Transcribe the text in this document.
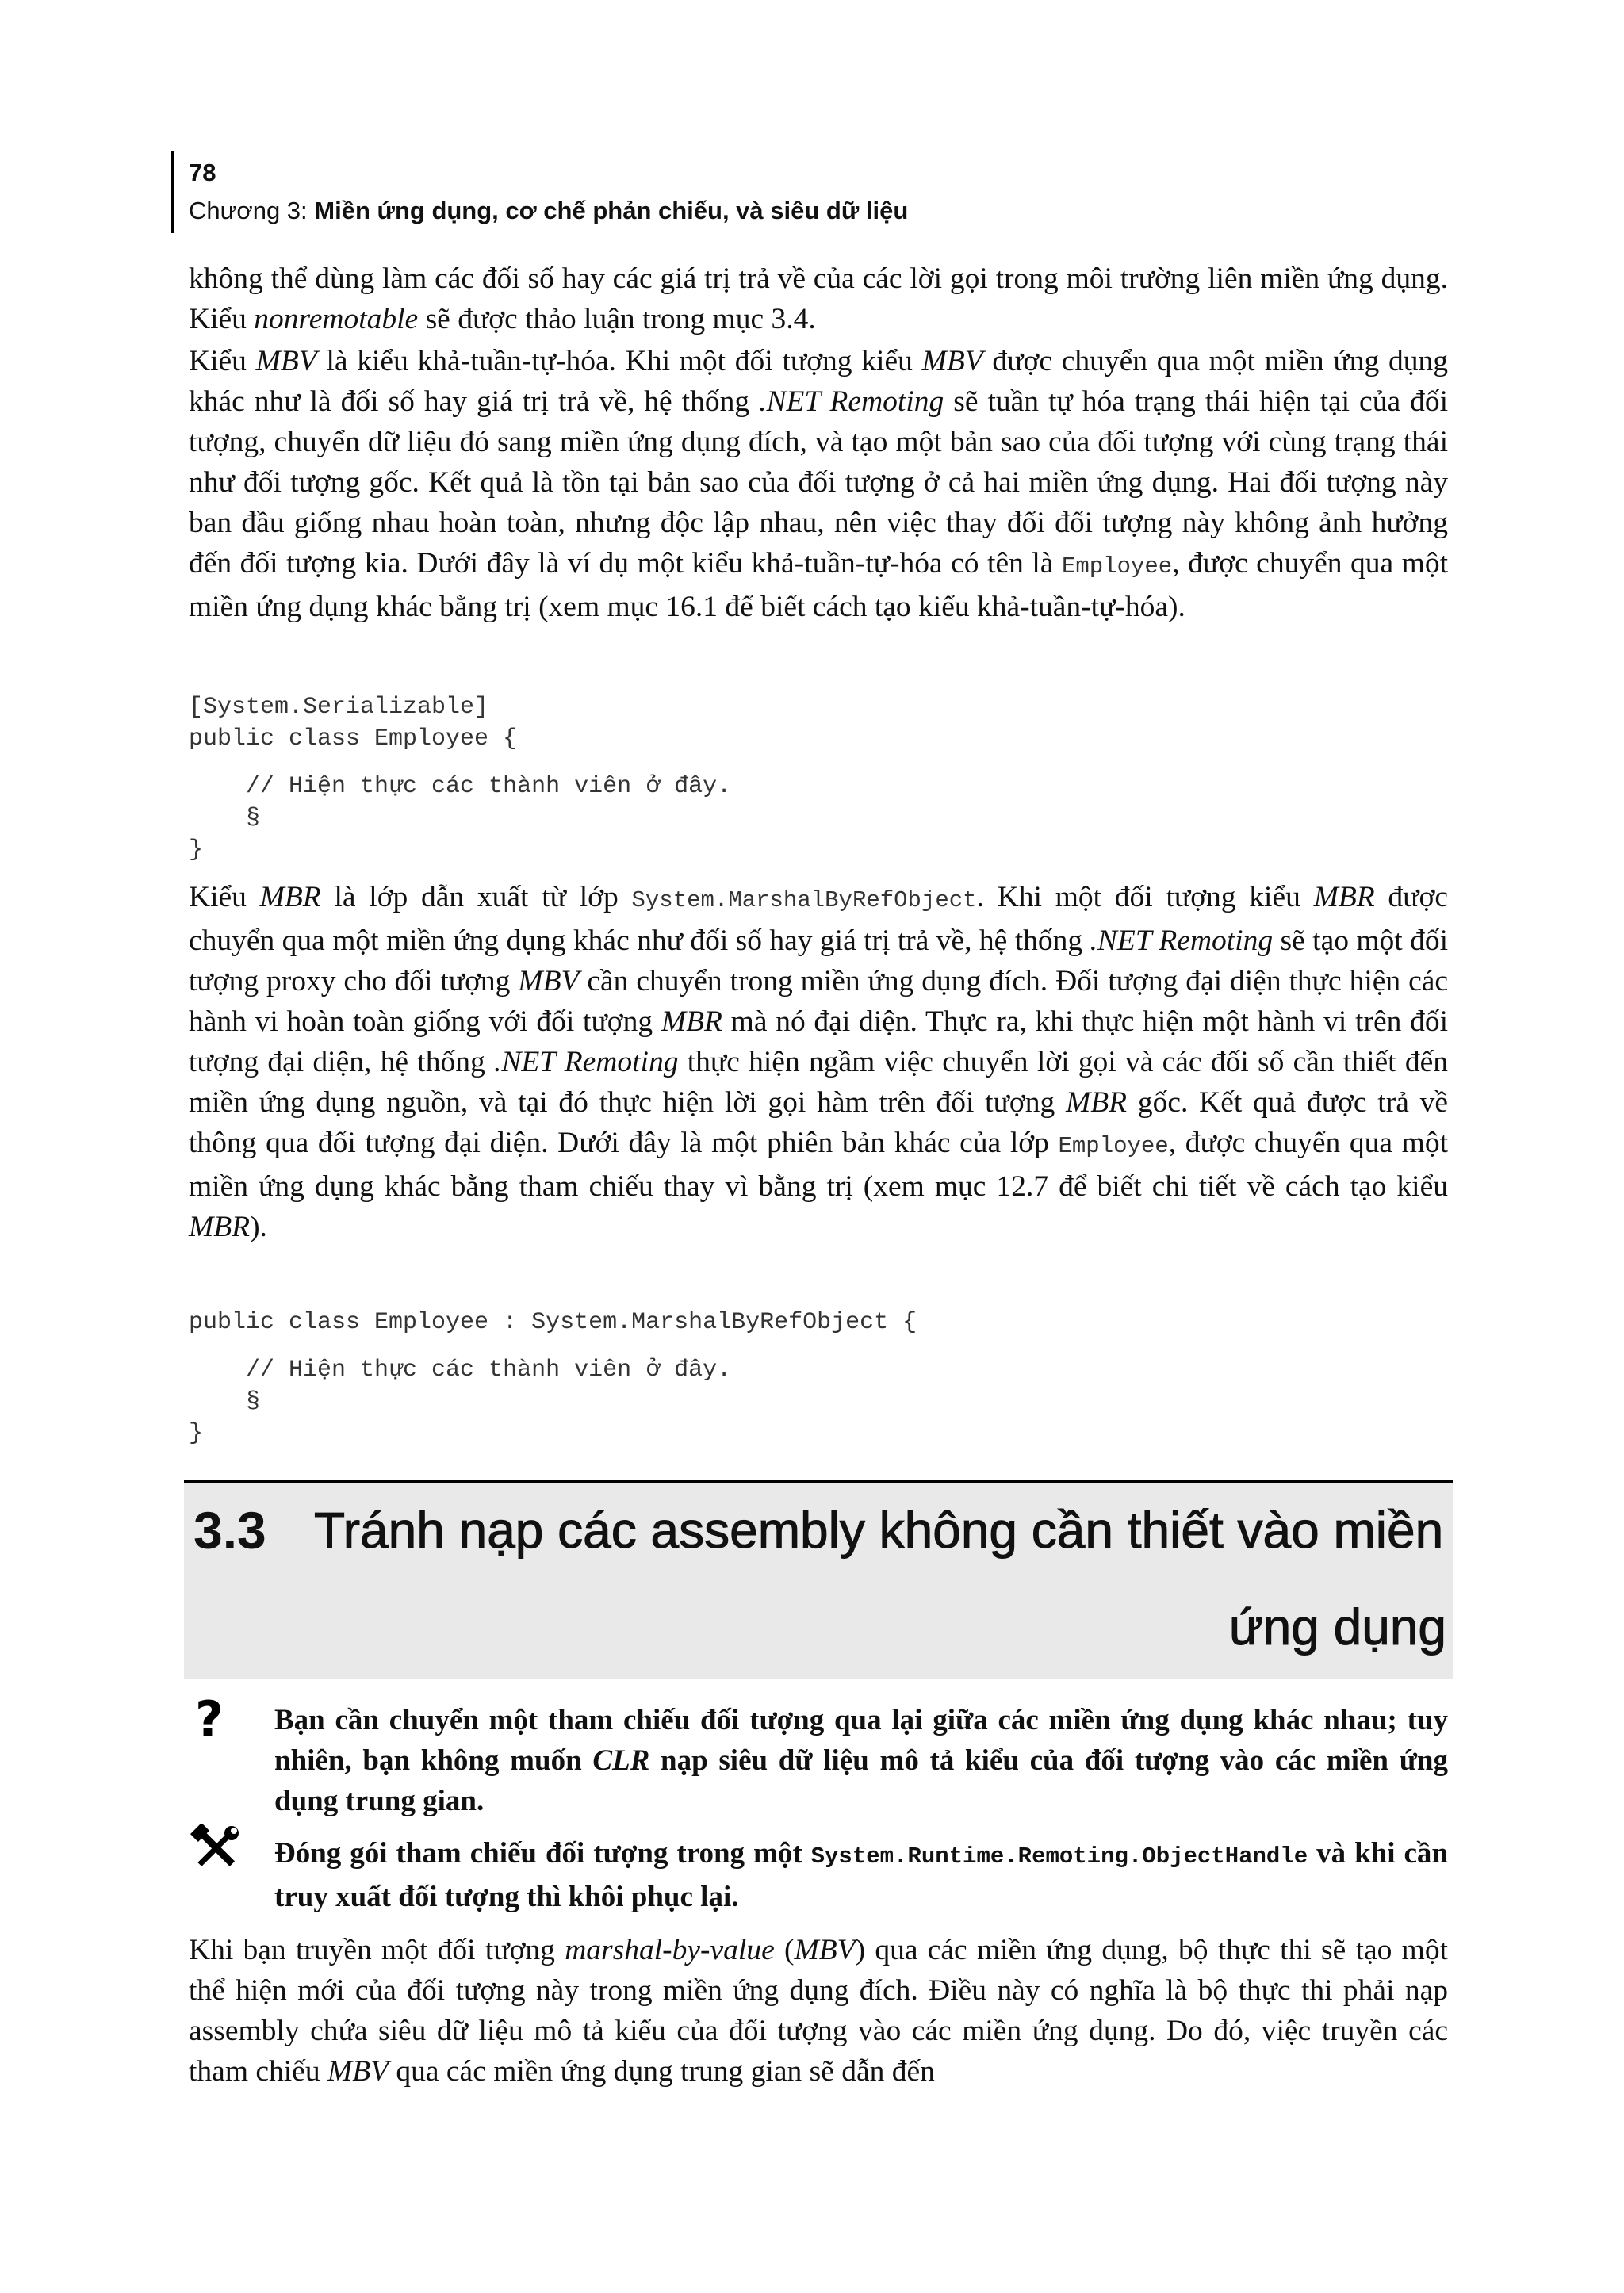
78
Chương 3: Miền ứng dụng, cơ chế phản chiếu, và siêu dữ liệu

không thể dùng làm các đối số hay các giá trị trả về của các lời gọi trong môi trường liên miền ứng dụng. Kiểu nonremotable sẽ được thảo luận trong mục 3.4.

Kiểu MBV là kiểu khả-tuần-tự-hóa. Khi một đối tượng kiểu MBV được chuyển qua một miền ứng dụng khác như là đối số hay giá trị trả về, hệ thống .NET Remoting sẽ tuần tự hóa trạng thái hiện tại của đối tượng, chuyển dữ liệu đó sang miền ứng dụng đích, và tạo một bản sao của đối tượng với cùng trạng thái như đối tượng gốc. Kết quả là tồn tại bản sao của đối tượng ở cả hai miền ứng dụng. Hai đối tượng này ban đầu giống nhau hoàn toàn, nhưng độc lập nhau, nên việc thay đổi đối tượng này không ảnh hưởng đến đối tượng kia. Dưới đây là ví dụ một kiểu khả-tuần-tự-hóa có tên là Employee, được chuyển qua một miền ứng dụng khác bằng trị (xem mục 16.1 để biết cách tạo kiểu khả-tuần-tự-hóa).

[System.Serializable]
public class Employee {
// Hiện thực các thành viên ở đây.
§
}

Kiểu MBR là lớp dẫn xuất từ lớp System.MarshalByRefObject. Khi một đối tượng kiểu MBR được chuyển qua một miền ứng dụng khác như đối số hay giá trị trả về, hệ thống .NET Remoting sẽ tạo một đối tượng proxy cho đối tượng MBV cần chuyển trong miền ứng dụng đích. Đối tượng đại diện thực hiện các hành vi hoàn toàn giống với đối tượng MBR mà nó đại diện. Thực ra, khi thực hiện một hành vi trên đối tượng đại diện, hệ thống .NET Remoting thực hiện ngầm việc chuyển lời gọi và các đối số cần thiết đến miền ứng dụng nguồn, và tại đó thực hiện lời gọi hàm trên đối tượng MBR gốc. Kết quả được trả về thông qua đối tượng đại diện. Dưới đây là một phiên bản khác của lớp Employee, được chuyển qua một miền ứng dụng khác bằng tham chiếu thay vì bằng trị (xem mục 12.7 để biết chi tiết về cách tạo kiểu MBR).

public class Employee : System.MarshalByRefObject {
// Hiện thực các thành viên ở đây.
§
}
3.3 Tránh nạp các assembly không cần thiết vào miền
ứng dụng
? Bạn cần chuyển một tham chiếu đối tượng qua lại giữa các miền ứng dụng khác nhau; tuy nhiên, bạn không muốn CLR nạp siêu dữ liệu mô tả kiểu của đối tượng vào các miền ứng dụng trung gian.

Đóng gói tham chiếu đối tượng trong một System.Runtime.Remoting.ObjectHandle và khi cần truy xuất đối tượng thì khôi phục lại.

Khi bạn truyền một đối tượng marshal-by-value (MBV) qua các miền ứng dụng, bộ thực thi sẽ tạo một thể hiện mới của đối tượng này trong miền ứng dụng đích. Điều này có nghĩa là bộ thực thi phải nạp assembly chứa siêu dữ liệu mô tả kiểu của đối tượng vào các miền ứng dụng. Do đó, việc truyền các tham chiếu MBV qua các miền ứng dụng trung gian sẽ dẫn đến
